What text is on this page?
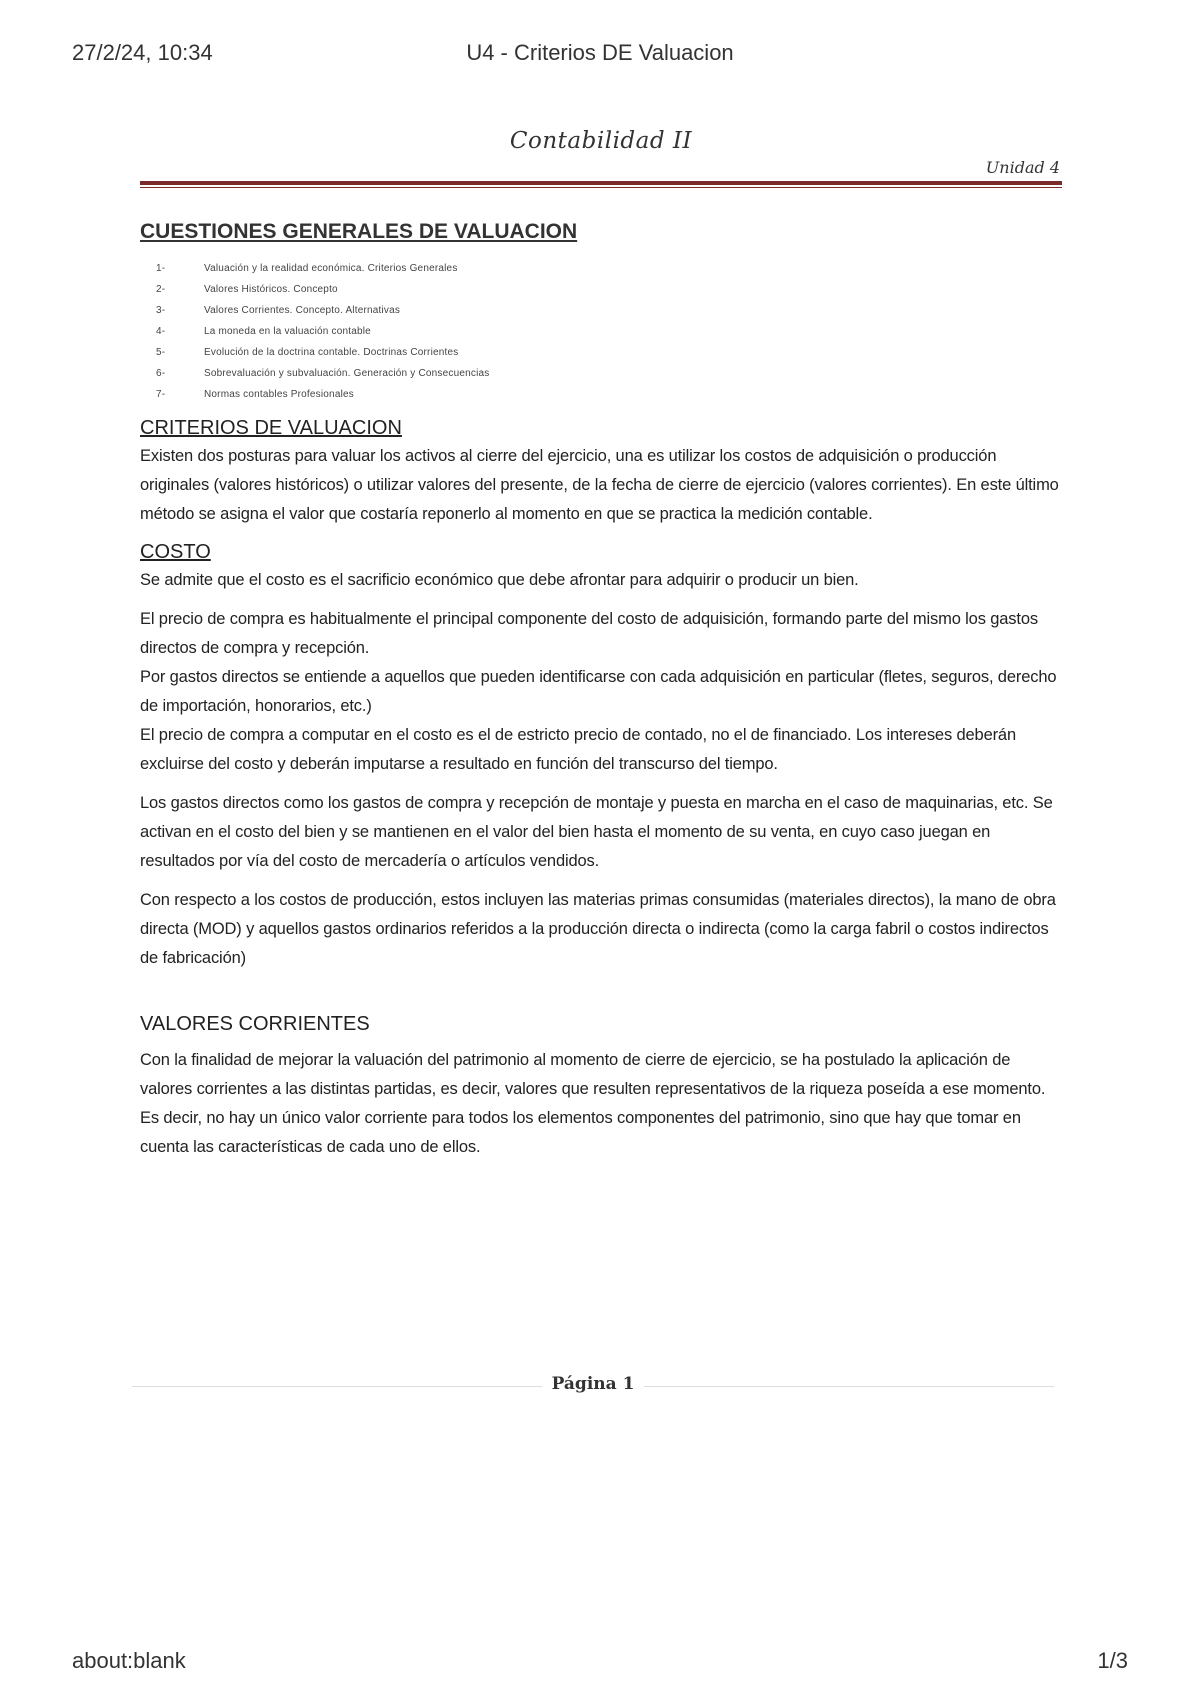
27/2/24, 10:34	U4 - Criterios DE Valuacion
Contabilidad II
Unidad 4
CUESTIONES GENERALES DE VALUACION
1-	Valuación y la realidad económica. Criterios Generales
2-	Valores Históricos. Concepto
3-	Valores Corrientes. Concepto. Alternativas
4-	La moneda en la valuación contable
5-	Evolución de la doctrina contable. Doctrinas Corrientes
6-	Sobrevaluación y subvaluación. Generación y Consecuencias
7-	Normas contables Profesionales
CRITERIOS DE VALUACION

Existen dos posturas para valuar los activos al cierre del ejercicio, una es utilizar los costos de adquisición o producción originales (valores históricos) o utilizar valores del presente, de la fecha de cierre de ejercicio (valores corrientes). En este último método se asigna el valor que costaría reponerlo al momento en que se practica la medición contable.

COSTO

Se admite que el costo es el sacrificio económico que debe afrontar para adquirir o producir un bien.

El precio de compra es habitualmente el principal componente del costo de adquisición, formando parte del mismo los gastos directos de compra y recepción.

Por gastos directos se entiende a aquellos que pueden identificarse con cada adquisición en particular (fletes, seguros, derecho de importación, honorarios, etc.)

El precio de compra a computar en el costo es el de estricto precio de contado, no el de financiado. Los intereses deberán excluirse del costo y deberán imputarse a resultado en función del transcurso del tiempo.

Los gastos directos como los gastos de compra y recepción de montaje y puesta en marcha en el caso de maquinarias, etc. Se activan en el costo del bien y se mantienen en el valor del bien hasta el momento de su venta, en cuyo caso juegan en resultados por vía del costo de mercadería o artículos vendidos.

Con respecto a los costos de producción, estos incluyen las materias primas consumidas (materiales directos), la mano de obra directa (MOD) y aquellos gastos ordinarios referidos a la producción directa o indirecta (como la carga fabril o costos indirectos de fabricación)

VALORES CORRIENTES

Con la finalidad de mejorar la valuación del patrimonio al momento de cierre de ejercicio, se ha postulado la aplicación de valores corrientes a las distintas partidas, es decir, valores que resulten representativos de la riqueza poseída a ese momento.

Es decir, no hay un único valor corriente para todos los elementos componentes del patrimonio, sino que hay que tomar en cuenta las características de cada uno de ellos.

Página 1
about:blank	1/3
